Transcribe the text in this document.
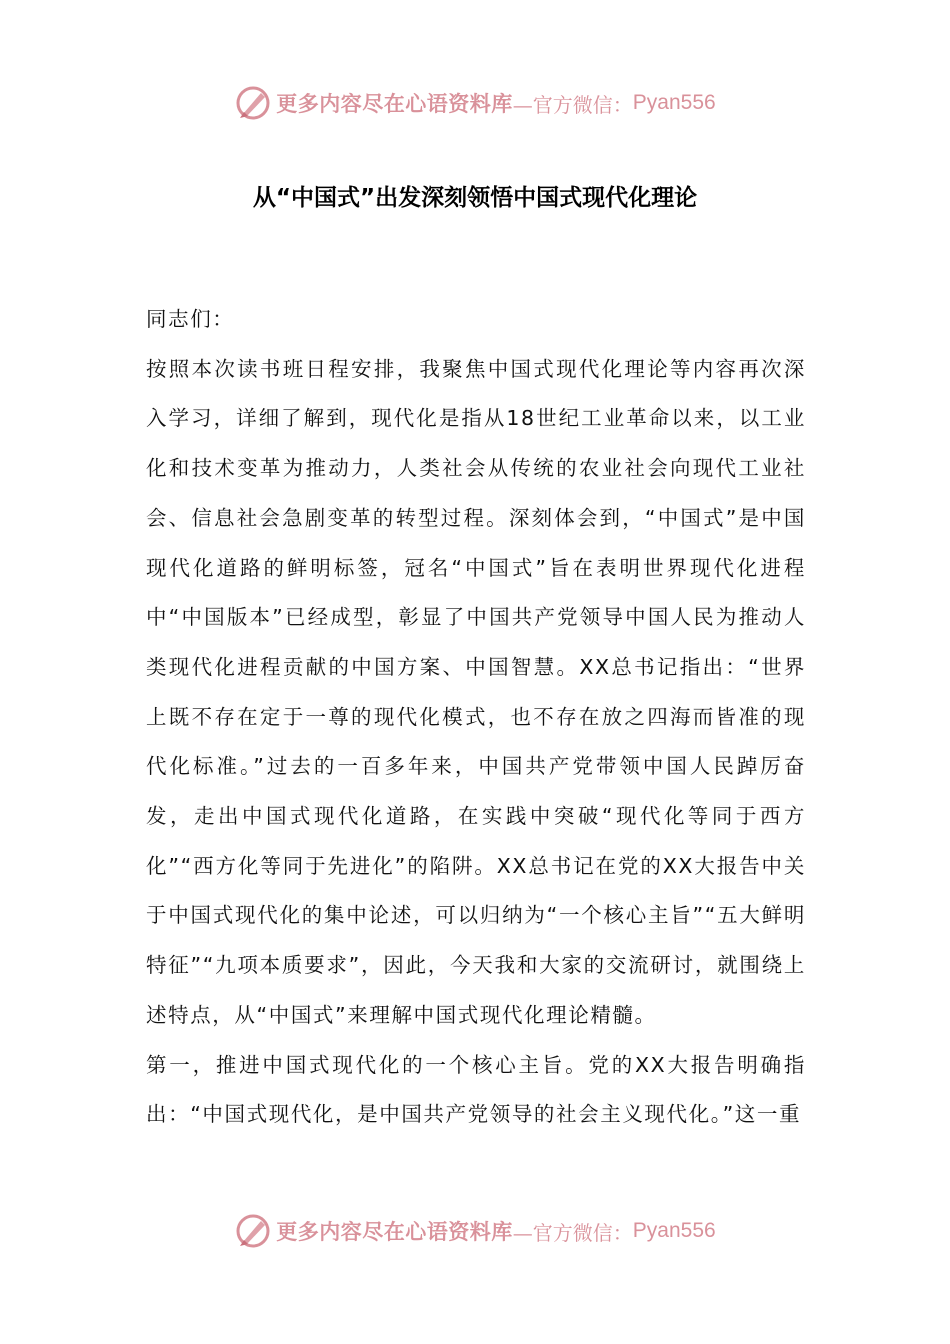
更多内容尽在心语资料库 —官方微信： Pyan556
从“中国式”出发深刻领悟中国式现代化理论

同志们：

按照本次读书班日程安排，我聚焦中国式现代化理论等内容再次深入学习，详细了解到，现代化是指从18世纪工业革命以来，以工业化和技术变革为推动力，人类社会从传统的农业社会向现代工业社会、信息社会急剧变革的转型过程。深刻体会到，“中国式”是中国现代化道路的鲜明标签，冠名“中国式”旨在表明世界现代化进程中“中国版本”已经成型，彰显了中国共产党领导中国人民为推动人类现代化进程贡献的中国方案、中国智慧。XX总书记指出：“世界上既不存在定于一尊的现代化模式，也不存在放之四海而皆准的现代化标准。”过去的一百多年来，中国共产党带领中国人民踔厉奋发，走出中国式现代化道路，在实践中突破“现代化等同于西方化”“西方化等同于先进化”的陷阱。XX总书记在党的XX大报告中关于中国式现代化的集中论述，可以归纳为“一个核心主旨”“五大鲜明特征”“九项本质要求”，因此，今天我和大家的交流研讨，就围绕上述特点，从“中国式”来理解中国式现代化理论精髓。

第一，推进中国式现代化的一个核心主旨。党的XX大报告明确指出：“中国式现代化，是中国共产党领导的社会主义现代化。”这一重

更多内容尽在心语资料库 —官方微信： Pyan556
